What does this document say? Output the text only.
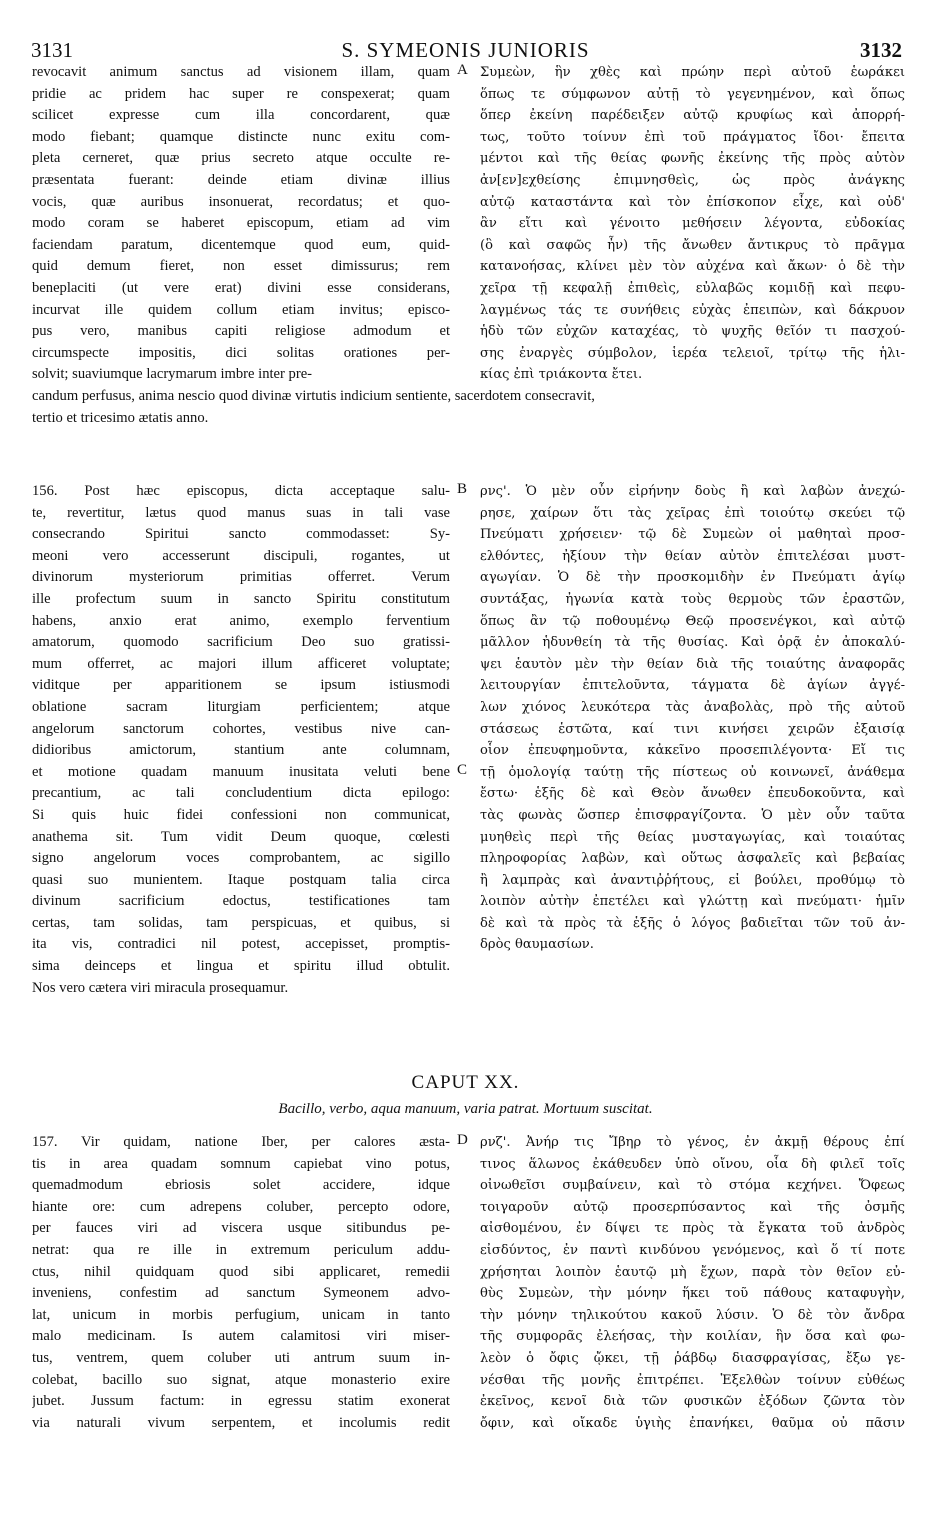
3131	S. SYMEONIS JUNIORIS	3132
revocavit animum sanctus ad visionem illam, quam
pridie ac pridem hac super re conspexerat; quam
scilicet expresse cum illa concordarent, quæ
modo fiebant; quamque distincte nunc exitu com-
pleta cerneret, quæ prius secreto atque occulte re-
præsentata fuerant: deinde etiam divinæ illius
vocis, quæ auribus insonuerat, recordatus; et quo-
modo coram se haberet episcopum, etiam ad vim
faciendam paratum, dicentemque quod eum, quid-
quid demum fieret, non esset dimissurus; rem
beneplaciti (ut vere erat) divini esse considerans,
incurvat ille quidem collum etiam invitus; episco-
pus vero, manibus capiti religiose admodum et
circumspecte impositis, dici solitas orationes per-
solvit; suaviumque lacrymarum imbre inter pre-
Συμεὼν, ἣν χθὲς καὶ πρώην περὶ αὐτοῦ ἑωράκει
ὅπως τε σύμφωνον αὐτῇ τὸ γεγενημένον, καὶ ὅπως
ὅπερ ἐκείνη παρέδειξεν αὐτῷ κρυφίως καὶ ἀπορρή-
τως, τοῦτο τοίνυν ἐπὶ τοῦ πράγματος ἴδοι· ἔπειτα
μέντοι καὶ τῆς θείας φωνῆς ἐκείνης τῆς πρὸς αὐτὸν
ἀν[εν]εχθείσης ἐπιμνησθεὶς, ὡς πρὸς ἀνάγκης
αὐτῷ καταστάντα καὶ τὸν ἐπίσκοπον εἶχε, καὶ οὐδ'
ἂν εἴτι καὶ γένοιτο μεθήσειν λέγοντα, εὐδοκίας
(ὃ καὶ σαφῶς ἦν) τῆς ἄνωθεν ἄντικρυς τὸ πρᾶγμα
κατανοήσας, κλίνει μὲν τὸν αὐχένα καὶ ἄκων· ὁ δὲ τὴν
χεῖρα τῇ κεφαλῇ ἐπιθεὶς, εὐλαβῶς κομιδῇ καὶ πεφυ-
λαγμένως τάς τε συνήθεις εὐχὰς ἐπειπὼν, καὶ δάκρυον
ἡδὺ τῶν εὐχῶν καταχέας, τὸ ψυχῆς θεῖόν τι πασχού-
σης ἐναργὲς σύμβολον, ἱερέα τελειοῖ, τρίτῳ τῆς ἡλι-
κίας ἐπὶ τριάκοντα ἔτει.
A
candum perfusus, anima nescio quod divinæ virtutis indicium sentiente, sacerdotem consecravit,
tertio et tricesimo ætatis anno.
156. Post hæc episcopus, dicta acceptaque salu-
te, revertitur, lætus quod manus suas in tali vase
consecrando Spiritui sancto commodasset: Sy-
meoni vero accesserunt discipuli, rogantes, ut
divinorum mysteriorum primitias offerret. Verum
ille profectum suum in sancto Spiritu constitutum
habens, anxio erat animo, exemplo ferventium
amatorum, quomodo sacrificium Deo suo gratissi-
mum offerret, ac majori illum afficeret voluptate;
viditque per apparitionem se ipsum istiusmodi
oblatione sacram liturgiam perficientem; atque
angelorum sanctorum cohortes, vestibus nive can-
didioribus amictorum, stantium ante columnam,
et motione quadam manuum inusitata veluti bene
precantium, ac tali concludentium dicta epilogo:
Si quis huic fidei confessioni non communicat,
anathema sit. Tum vidit Deum quoque, cœlesti
signo angelorum voces comprobantem, ac sigillo
quasi suo munientem. Itaque postquam talia circa
divinum sacrificium edoctus, testificationes tam
certas, tam solidas, tam perspicuas, et quibus, si
ita vis, contradici nil potest, accepisset, promptis-
sima deinceps et lingua et spiritu illud obtulit.
Nos vero cætera viri miracula prosequamur.
ρνς'. Ὁ μὲν οὖν εἰρήνην δοὺς ἢ καὶ λαβὼν ἀνεχώ-
ρησε, χαίρων ὅτι τὰς χεῖρας ἐπὶ τοιούτῳ σκεύει τῷ
Πνεύματι χρήσειεν· τῷ δὲ Συμεὼν οἱ μαθηταὶ προσ-
ελθόντες, ἠξίουν τὴν θείαν αὐτὸν ἐπιτελέσαι μυστ-
αγωγίαν. Ὁ δὲ τὴν προσκομιδὴν ἐν Πνεύματι ἁγίῳ
συντάξας, ἠγωνία κατὰ τοὺς θερμοὺς τῶν ἐραστῶν,
ὅπως ἂν τῷ ποθουμένῳ Θεῷ προσενέγκοι, καὶ αὐτῷ
μᾶλλον ἡδυνθείη τὰ τῆς θυσίας. Καὶ ὁρᾷ ἐν ἀποκαλύ-
ψει ἑαυτὸν μὲν τὴν θείαν διὰ τῆς τοιαύτης ἀναφορᾶς
λειτουργίαν ἐπιτελοῦντα, τάγματα δὲ ἁγίων ἀγγέ-
λων χιόνος λευκότερα τὰς ἀναβολὰς, πρὸ τῆς αὐτοῦ
στάσεως ἑστῶτα, καί τινι κινήσει χειρῶν ἐξαισίᾳ
οἷον ἐπευφημοῦντα, κἀκεῖνο προσεπιλέγοντα· Εἴ τις
τῇ ὁμολογίᾳ ταύτῃ τῆς πίστεως οὐ κοινωνεῖ, ἀνάθεμα
ἔστω· ἑξῆς δὲ καὶ Θεὸν ἄνωθεν ἐπευδοκοῦντα, καὶ
τὰς φωνὰς ὥσπερ ἐπισφραγίζοντα. Ὁ μὲν οὖν ταῦτα
μυηθεὶς περὶ τῆς θείας μυσταγωγίας, καὶ τοιαύτας
πληροφορίας λαβὼν, καὶ οὕτως ἀσφαλεῖς καὶ βεβαίας
ἢ λαμπρὰς καὶ ἀναντιῤῥήτους, εἰ βούλει, προθύμῳ τὸ
λοιπὸν αὐτὴν ἐπετέλει καὶ γλώττῃ καὶ πνεύματι· ἡμῖν
δὲ καὶ τὰ πρὸς τὰ ἑξῆς ὁ λόγος βαδιεῖται τῶν τοῦ ἀν-
δρὸς θαυμασίων.
B
C
CAPUT XX.
Bacillo, verbo, aqua manuum, varia patrat. Mortuum suscitat.
157. Vir quidam, natione Iber, per calores æsta-
tis in area quadam somnum capiebat vino potus,
quemadmodum ebriosis solet accidere, idque
hiante ore: cum adrepens coluber, percepto odore,
per fauces viri ad viscera usque sitibundus pe-
netrat: qua re ille in extremum periculum addu-
ctus, nihil quidquam quod sibi applicaret, remedii
inveniens, confestim ad sanctum Symeonem advo-
lat, unicum in morbis perfugium, unicam in tanto
malo medicinam. Is autem calamitosi viri miser-
tus, ventrem, quem coluber uti antrum suum in-
colebat, bacillo suo signat, atque monasterio exire
jubet. Jussum factum: in egressu statim exonerat
via naturali vivum serpentem, et incolumis redit
ρνζ'. Ἀνήρ τις Ἴβηρ τὸ γένος, ἐν ἀκμῇ θέρους ἐπί
τινος ἅλωνος ἐκάθευδεν ὑπὸ οἴνου, οἷα δὴ φιλεῖ τοῖς
οἰνωθεῖσι συμβαίνειν, καὶ τὸ στόμα κεχήνει. Ὄφεως
τοιγαροῦν αὐτῷ προσερπύσαντος καὶ τῆς ὀσμῆς
αἰσθομένου, ἐν δίψει τε πρὸς τὰ ἔγκατα τοῦ ἀνδρὸς
εἰσδύντος, ἐν παντὶ κινδύνου γενόμενος, καὶ ὅ τί ποτε
χρήσηται λοιπὸν ἑαυτῷ μὴ ἔχων, παρὰ τὸν θεῖον εὐ-
θὺς Συμεὼν, τὴν μόνην ἥκει τοῦ πάθους καταφυγὴν,
τὴν μόνην τηλικούτου κακοῦ λύσιν. Ὁ δὲ τὸν ἄνδρα
τῆς συμφορᾶς ἐλεήσας, τὴν κοιλίαν, ἣν ὅσα καὶ φω-
λεὸν ὁ ὄφις ᾤκει, τῇ ῥάβδῳ διασφραγίσας, ἔξω γε-
νέσθαι τῆς μονῆς ἐπιτρέπει. Ἐξελθὼν τοίνυν εὐθέως
ἐκεῖνος, κενοῖ διὰ τῶν φυσικῶν ἐξόδων ζῶντα τὸν
ὄφιν, καὶ οἴκαδε ὑγιὴς ἐπανήκει, θαῦμα οὐ πᾶσιν
D
